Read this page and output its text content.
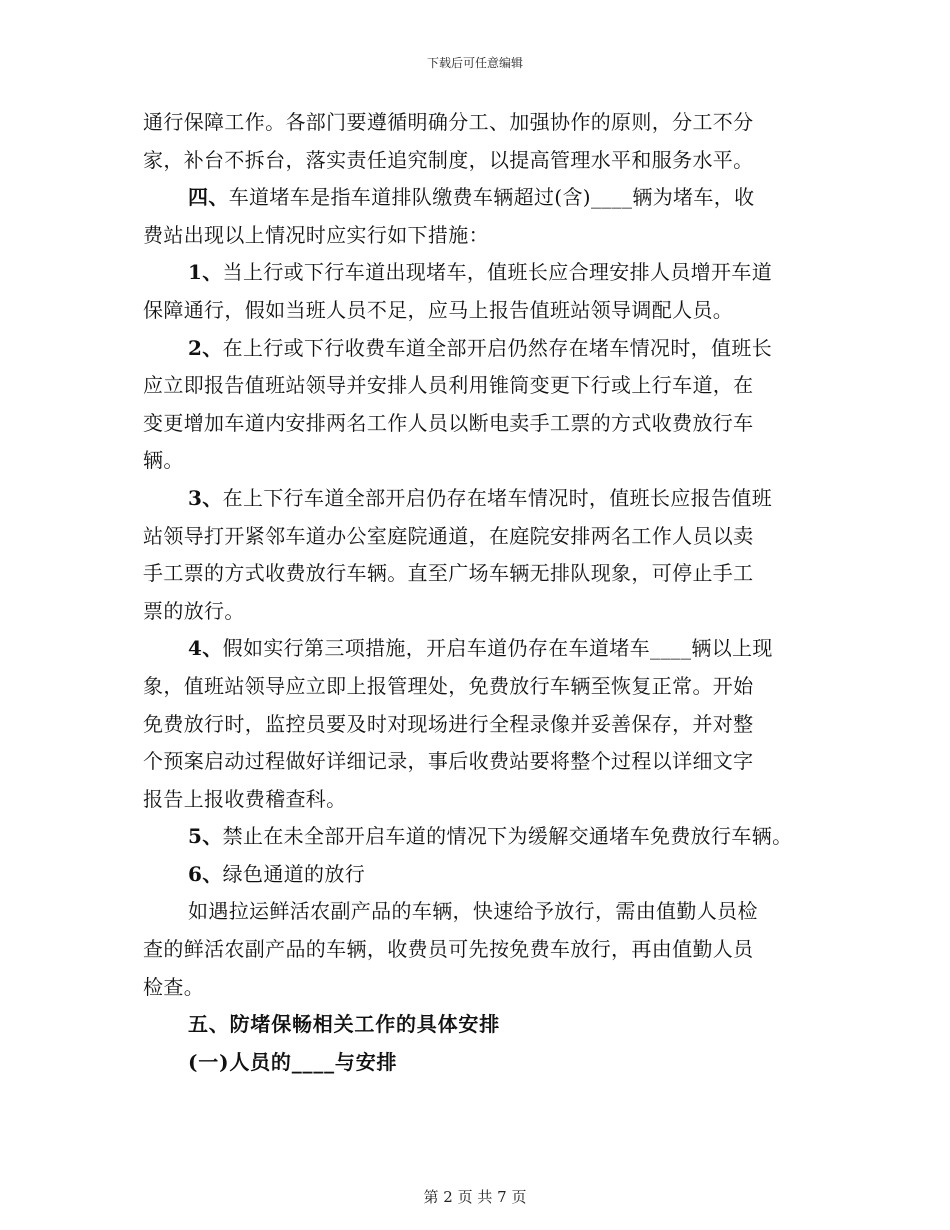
下载后可任意编辑
通行保障工作。各部门要遵循明确分工、加强协作的原则，分工不分
家，补台不拆台，落实责任追究制度，以提高管理水平和服务水平。
四、车道堵车是指车道排队缴费车辆超过(含)____辆为堵车，收
费站出现以上情况时应实行如下措施：
1、当上行或下行车道出现堵车，值班长应合理安排人员增开车道
保障通行，假如当班人员不足，应马上报告值班站领导调配人员。
2、在上行或下行收费车道全部开启仍然存在堵车情况时，值班长
应立即报告值班站领导并安排人员利用锥筒变更下行或上行车道，在
变更增加车道内安排两名工作人员以断电卖手工票的方式收费放行车
辆。
3、在上下行车道全部开启仍存在堵车情况时，值班长应报告值班
站领导打开紧邻车道办公室庭院通道，在庭院安排两名工作人员以卖
手工票的方式收费放行车辆。直至广场车辆无排队现象，可停止手工
票的放行。
4、假如实行第三项措施，开启车道仍存在车道堵车____辆以上现
象，值班站领导应立即上报管理处，免费放行车辆至恢复正常。开始
免费放行时，监控员要及时对现场进行全程录像并妥善保存，并对整
个预案启动过程做好详细记录，事后收费站要将整个过程以详细文字
报告上报收费稽查科。
5、禁止在未全部开启车道的情况下为缓解交通堵车免费放行车辆。
6、绿色通道的放行
如遇拉运鲜活农副产品的车辆，快速给予放行，需由值勤人员检
查的鲜活农副产品的车辆，收费员可先按免费车放行，再由值勤人员
检查。
五、防堵保畅相关工作的具体安排
(一)人员的____与安排
第 2 页 共 7 页
